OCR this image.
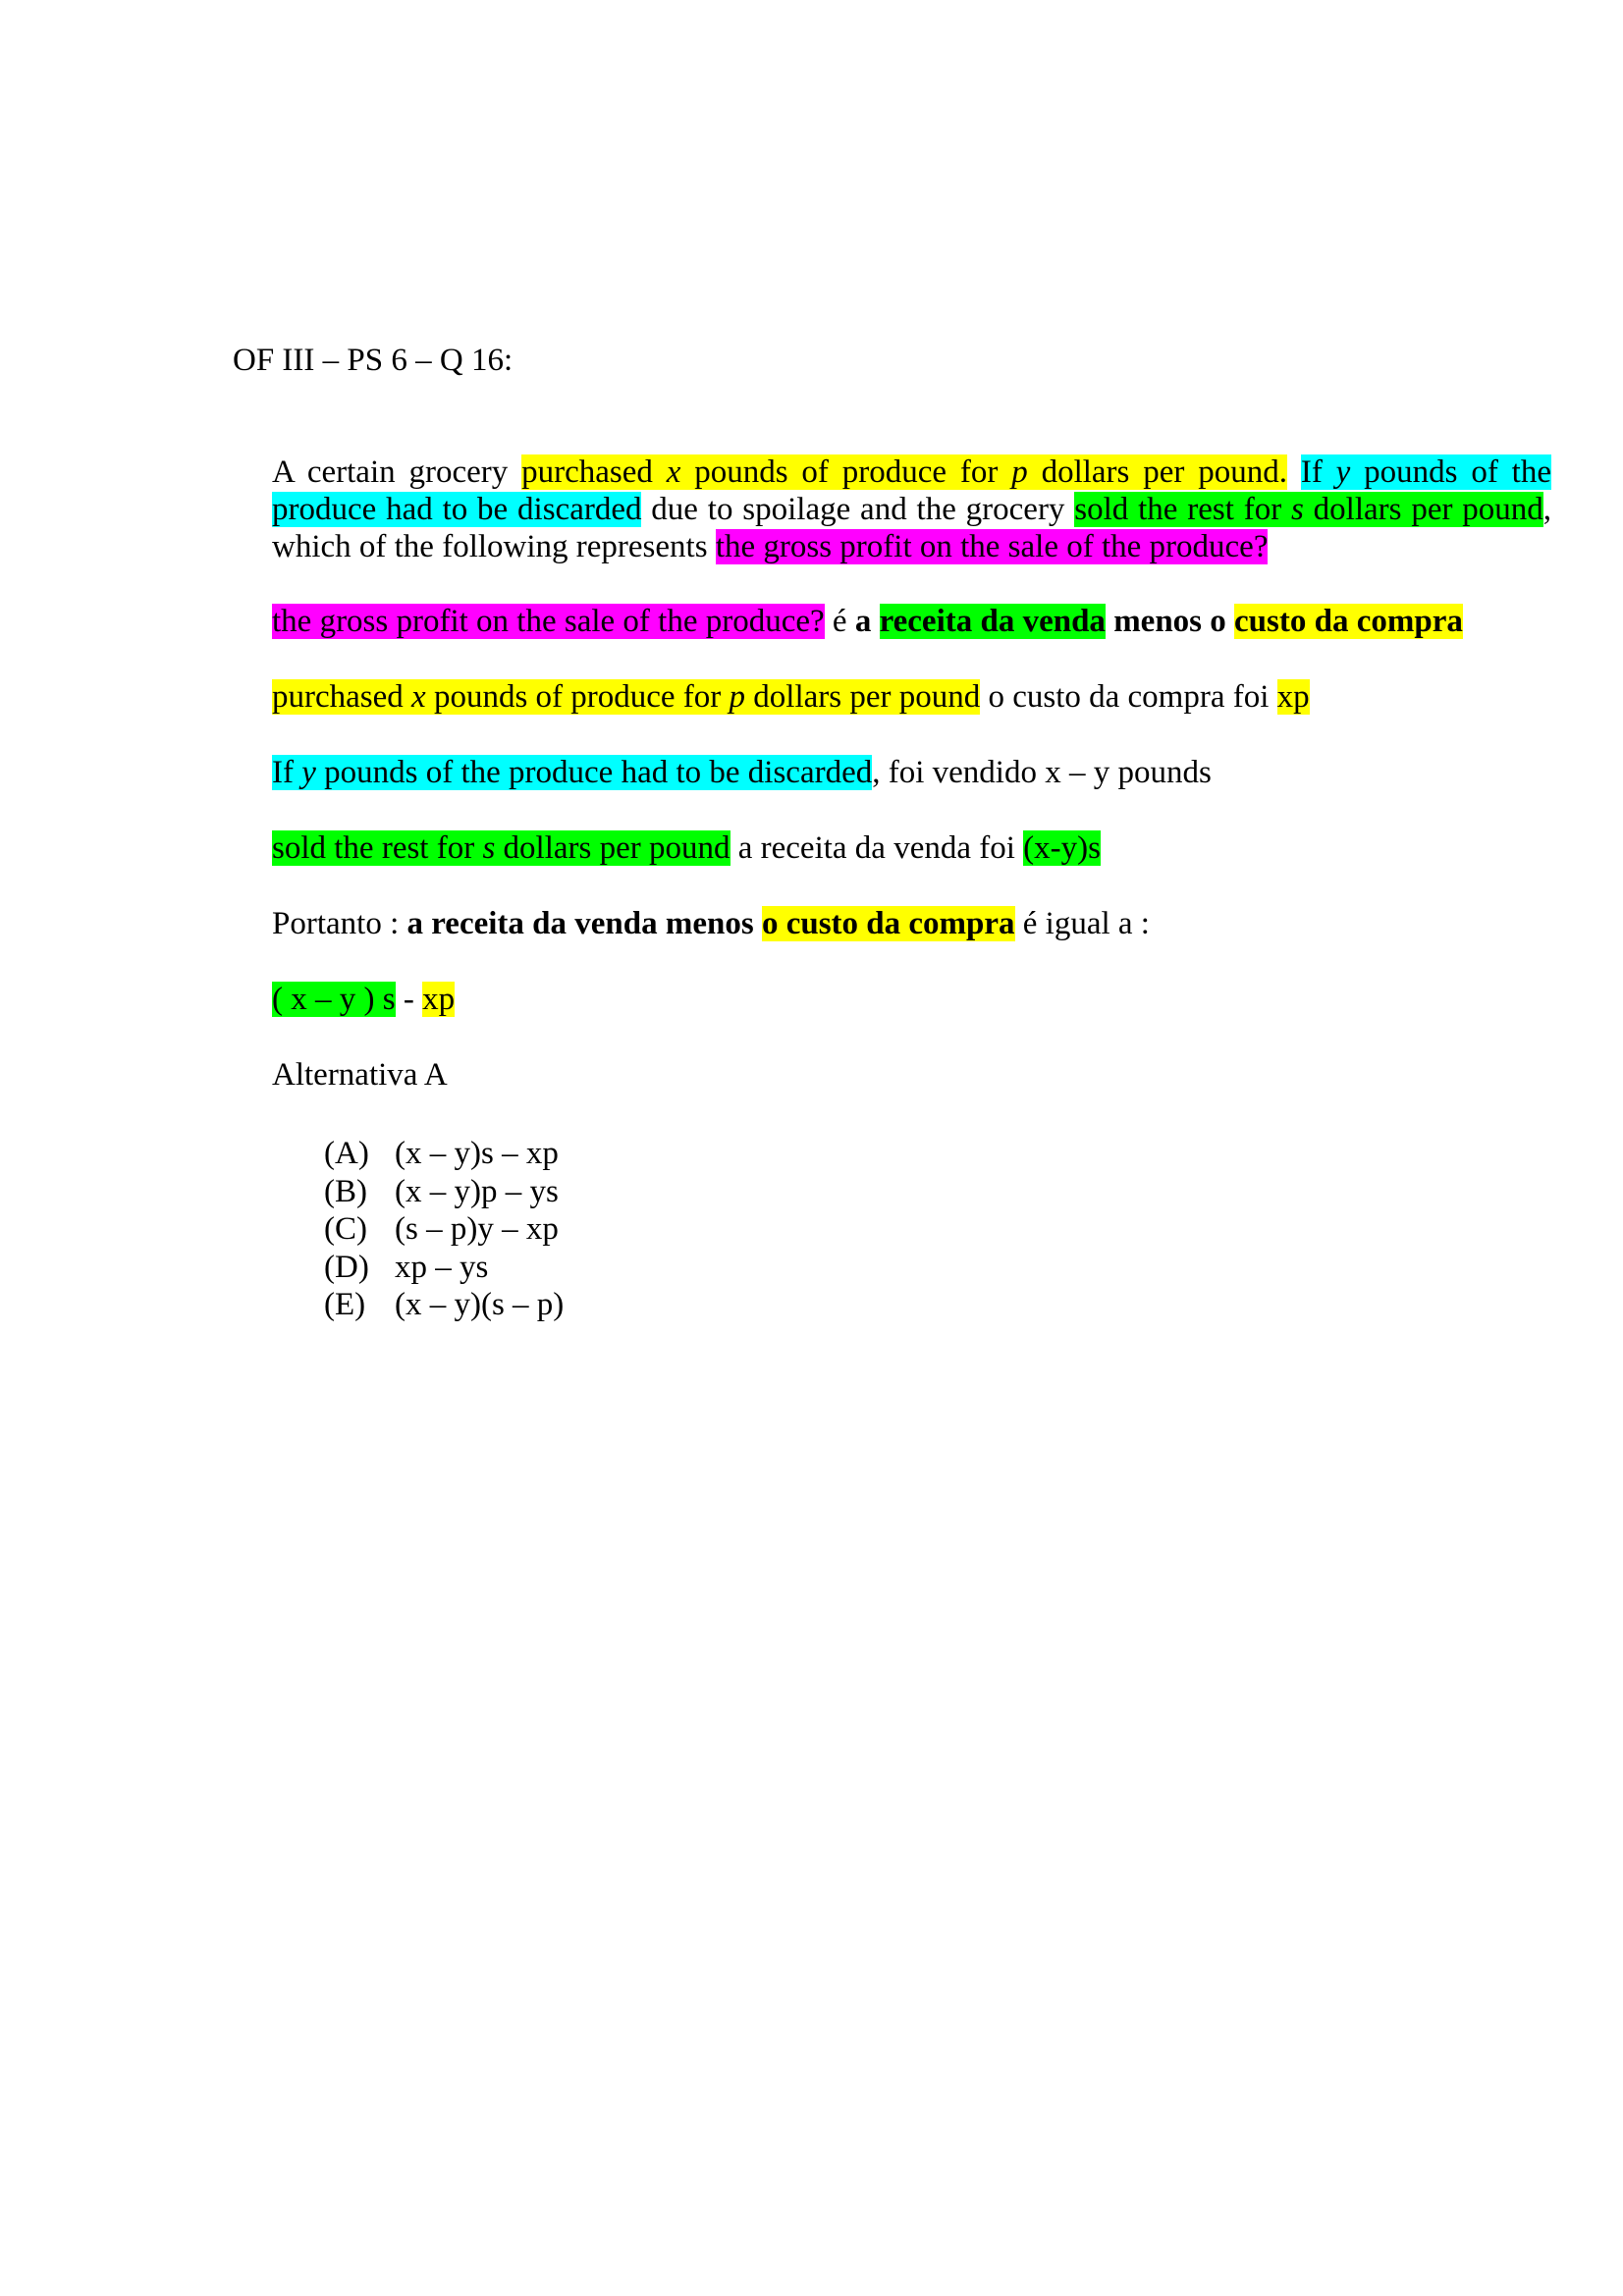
OF III – PS 6 – Q 16:

A certain grocery purchased x pounds of produce for p dollars per pound. If y pounds of the produce had to be discarded due to spoilage and the grocery sold the rest for s dollars per pound, which of the following represents the gross profit on the sale of the produce?

the gross profit on the sale of the produce? é a receita da venda menos o custo da compra
purchased x pounds of produce for p dollars per pound o custo da compra foi xp
If y pounds of the produce had to be discarded, foi vendido x – y pounds
sold the rest for s dollars per pound a receita da venda foi (x-y)s
Portanto : a receita da venda menos o custo da compra é igual a :
( x – y ) s - xp
Alternativa A
(A) (x – y)s – xp
(B) (x – y)p – ys
(C) (s – p)y – xp
(D) xp – ys
(E) (x – y)(s – p)
